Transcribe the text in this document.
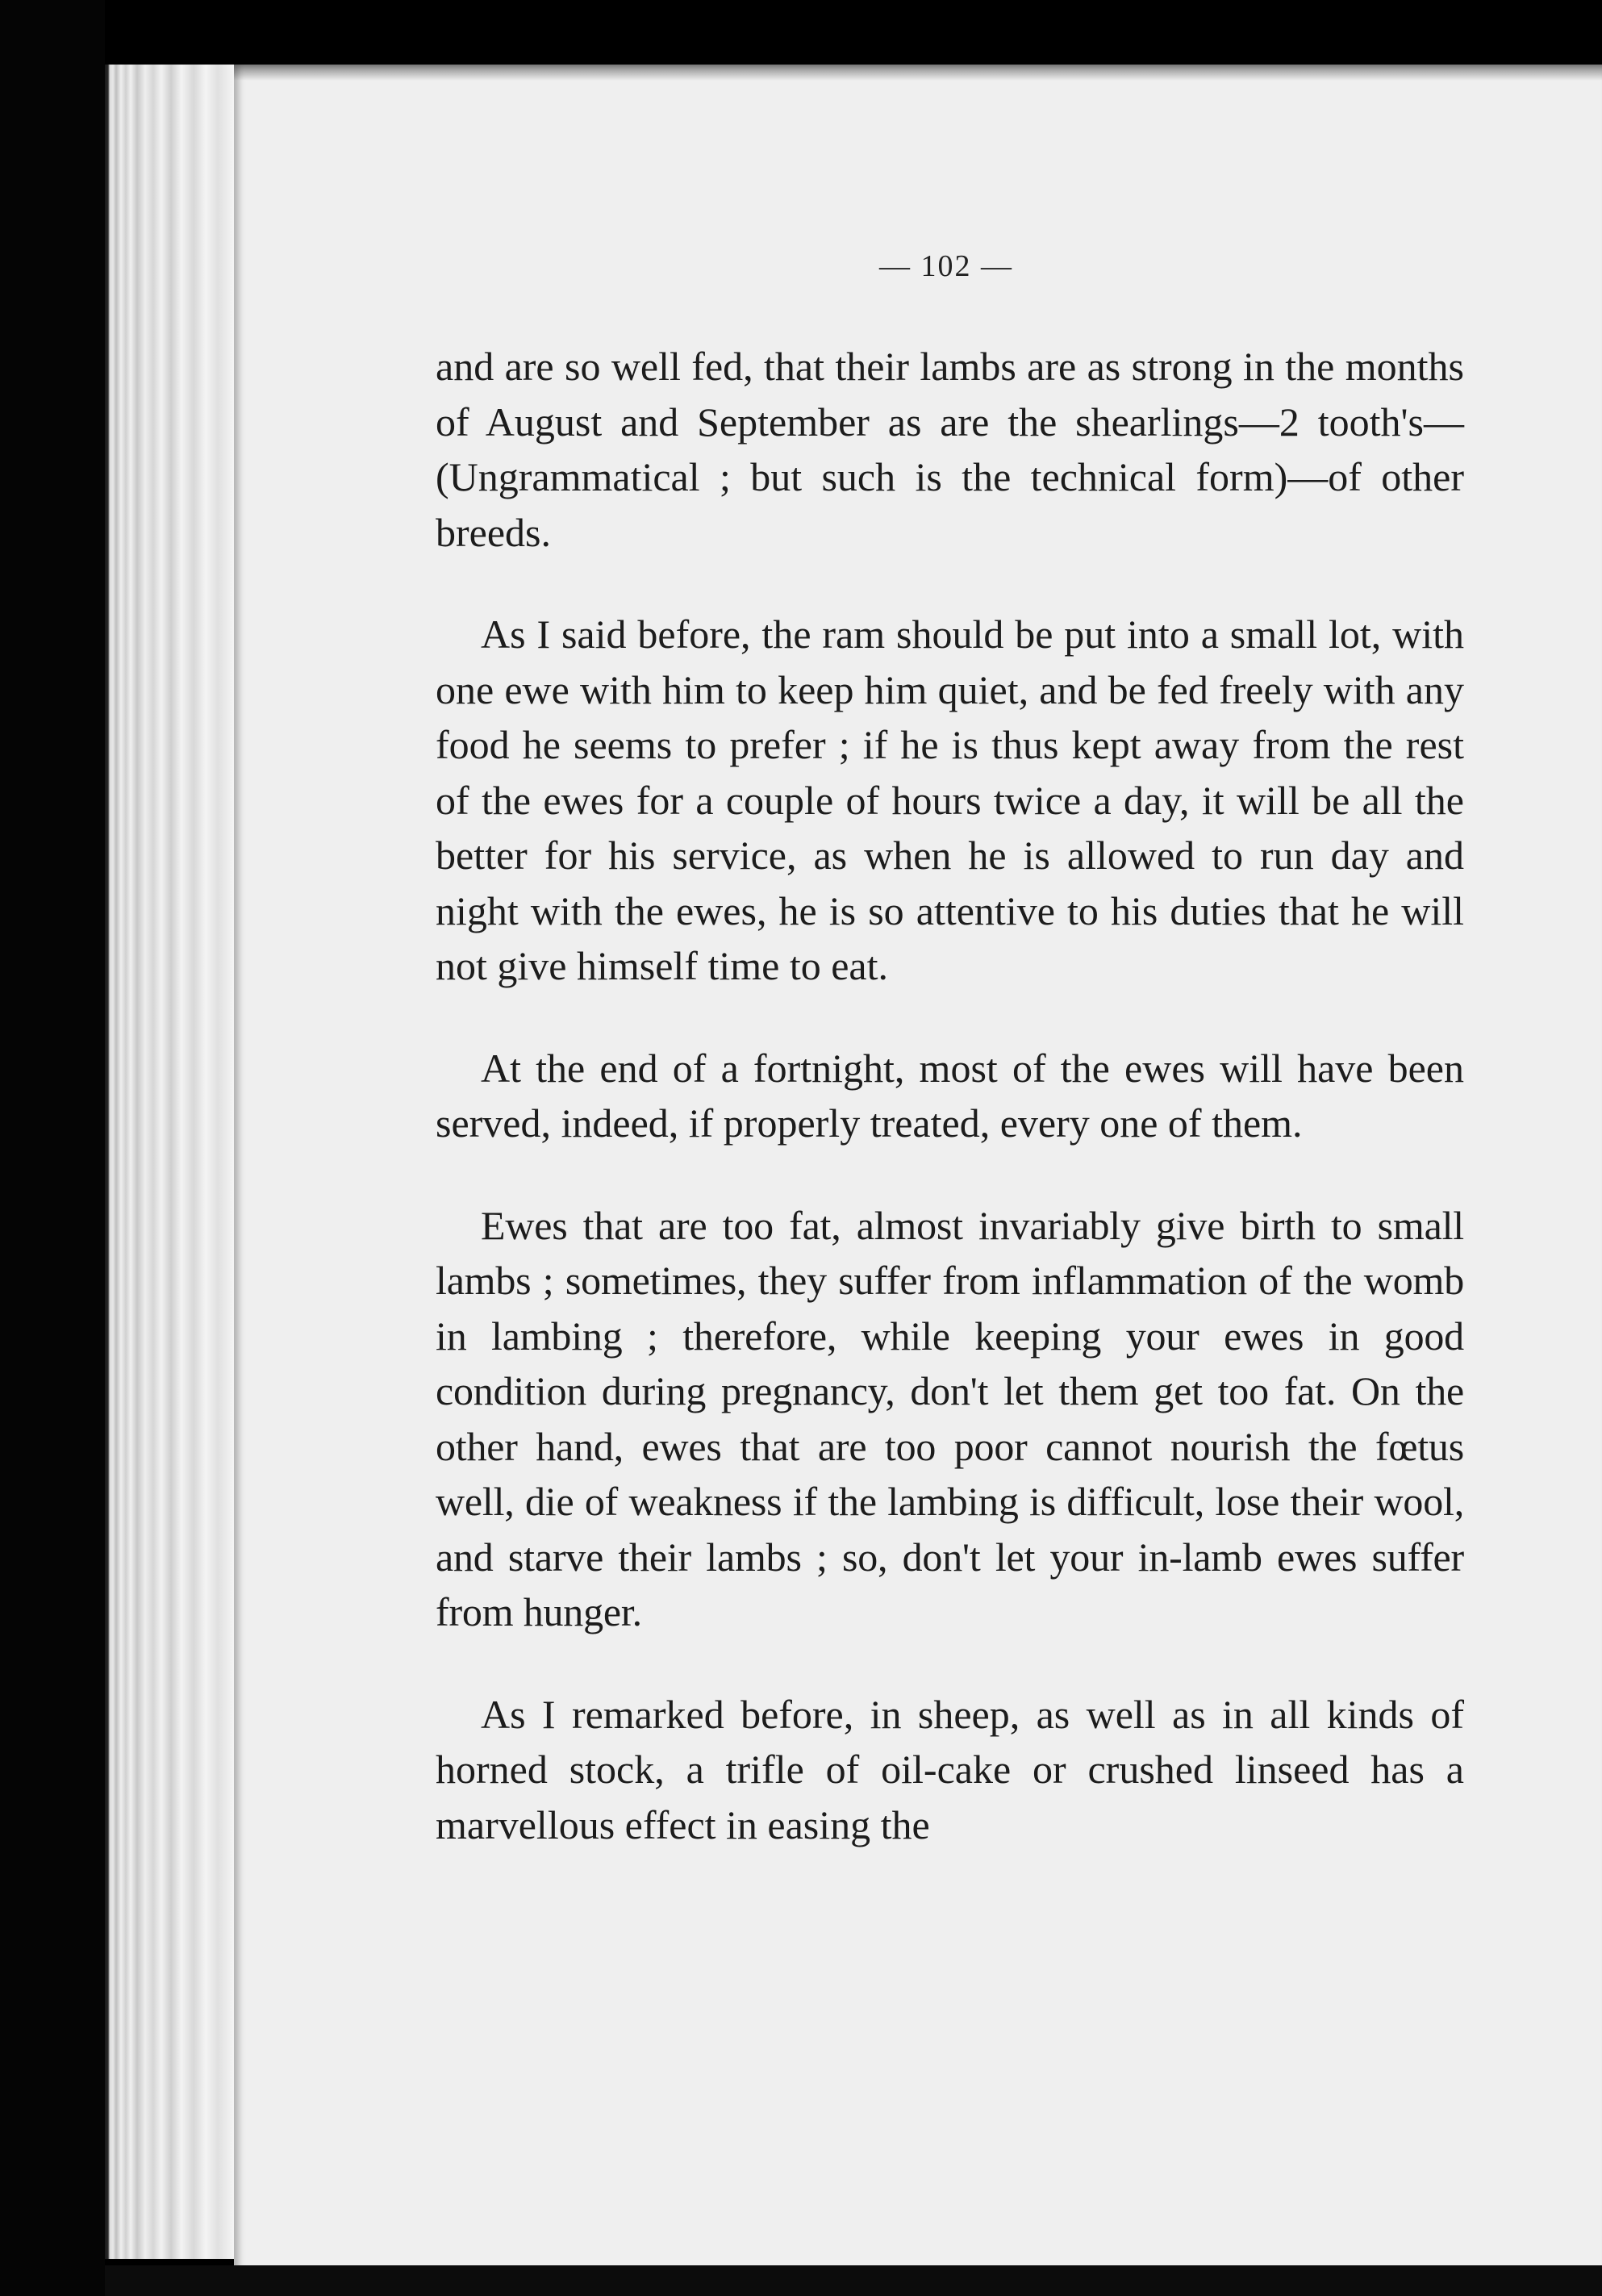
— 102 —

and are so well fed, that their lambs are as strong in the months of August and September as are the shearlings—2 tooth's—(Ungrammatical ; but such is the technical form)—of other breeds.

As I said before, the ram should be put into a small lot, with one ewe with him to keep him quiet, and be fed freely with any food he seems to prefer ; if he is thus kept away from the rest of the ewes for a couple of hours twice a day, it will be all the better for his service, as when he is allowed to run day and night with the ewes, he is so attentive to his duties that he will not give himself time to eat.

At the end of a fortnight, most of the ewes will have been served, indeed, if properly treated, every one of them.

Ewes that are too fat, almost invariably give birth to small lambs ; sometimes, they suffer from inflammation of the womb in lambing ; therefore, while keeping your ewes in good condition during pregnancy, don't let them get too fat. On the other hand, ewes that are too poor cannot nourish the fœtus well, die of weakness if the lambing is difficult, lose their wool, and starve their lambs ; so, don't let your in-lamb ewes suffer from hunger.

As I remarked before, in sheep, as well as in all kinds of horned stock, a trifle of oil-cake or crushed linseed has a marvellous effect in easing the
